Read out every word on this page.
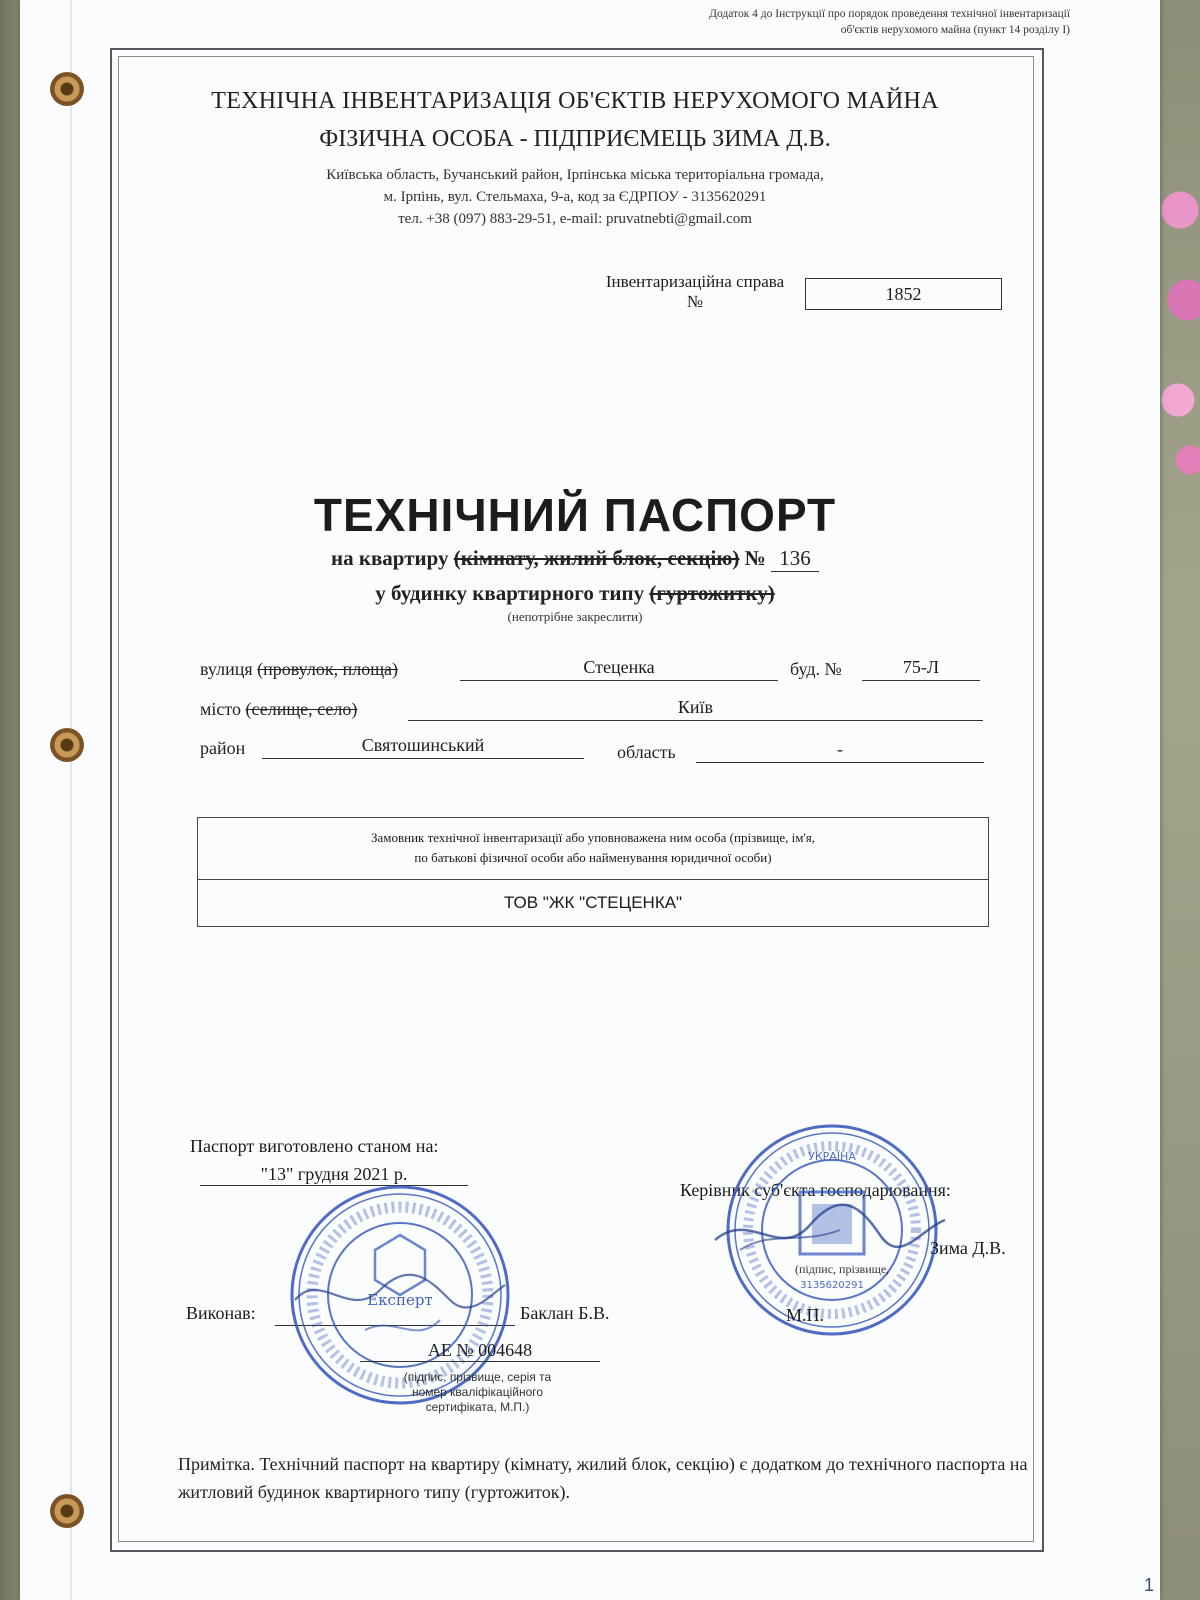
1
Додаток 4 до Інструкції про порядок проведення технічної інвентаризації
об'єктів нерухомого майна (пункт 14 розділу І)
ТЕХНІЧНА ІНВЕНТАРИЗАЦІЯ ОБ'ЄКТІВ НЕРУХОМОГО МАЙНА
ФІЗИЧНА ОСОБА - ПІДПРИЄМЕЦЬ ЗИМА Д.В.
Київська область, Бучанський район, Ірпінська міська територіальна громада,
м. Ірпінь, вул. Стельмаха, 9-а, код за ЄДРПОУ - 3135620291
тел. +38 (097) 883-29-51, e-mail: pruvatnebti@gmail.com
Інвентаризаційна справа №	1852
ТЕХНІЧНИЙ ПАСПОРТ
на квартиру (кімнату, жилий блок, секцію) № 136
у будинку квартирного типу (гуртожитку)
(непотрібне закреслити)
вулиця (провулок, площа)	Стеценка	буд. №	75-Л
місто (селище, село)	Київ
район	Святошинський	область	-
Замовник технічної інвентаризації або уповноважена ним особа (прізвище, ім'я,
по батькові фізичної особи або найменування юридичної особи)
ТОВ "ЖК "СТЕЦЕНКА"
Паспорт виготовлено станом на:
"13" грудня 2021 р.
Керівник суб'єкта господарювання:
УКРАЇНА
3135620291
Зима Д.В.
(підпис, прізвище,
М.П.
Виконав:
Експерт
Баклан Б.В.
АЕ № 004648
(підпис, прізвище, серія та
номер кваліфікаційного
сертифіката, М.П.)
Примітка. Технічний паспорт на квартиру (кімнату, жилий блок, секцію) є додатком до технічного паспорта на житловий будинок квартирного типу (гуртожиток).
